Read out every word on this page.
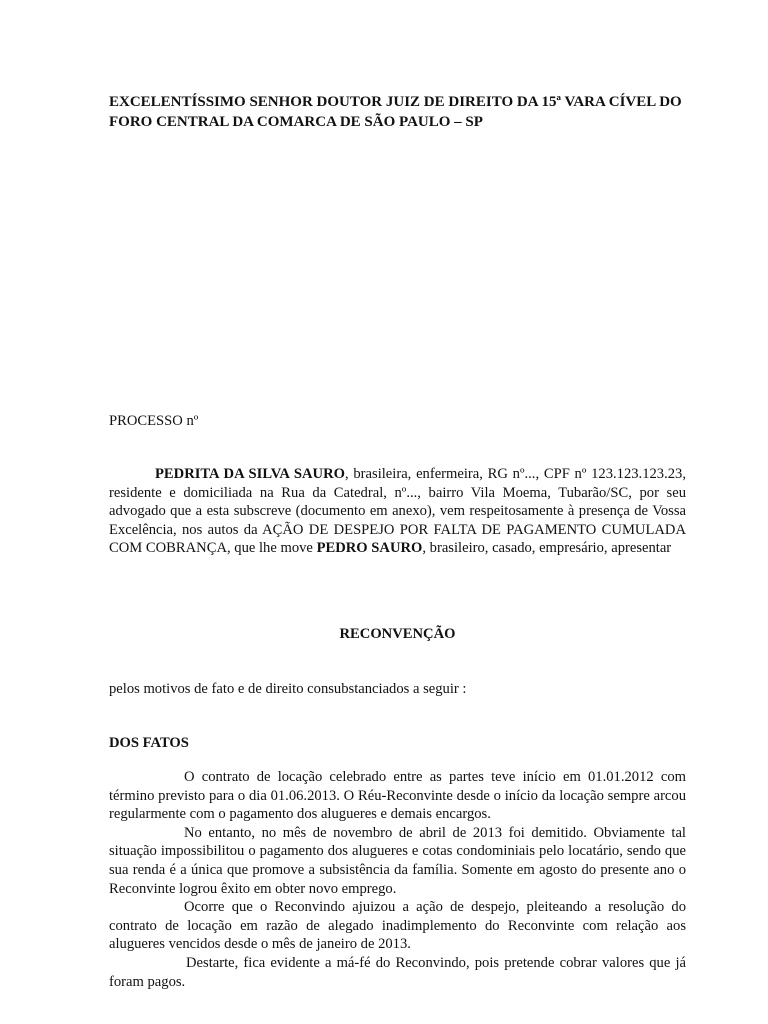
EXCELENTÍSSIMO SENHOR DOUTOR JUIZ DE DIREITO DA 15ª VARA CÍVEL DO FORO CENTRAL DA COMARCA DE SÃO PAULO – SP
PROCESSO nº
PEDRITA DA SILVA SAURO, brasileira, enfermeira, RG nº..., CPF nº 123.123.123.23, residente e domiciliada na Rua da Catedral, nº..., bairro Vila Moema, Tubarão/SC, por seu advogado que a esta subscreve (documento em anexo), vem respeitosamente à presença de Vossa Excelência, nos autos da AÇÃO DE DESPEJO POR FALTA DE PAGAMENTO CUMULADA COM COBRANÇA, que lhe move PEDRO SAURO, brasileiro, casado, empresário, apresentar
RECONVENÇÃO
pelos motivos de fato e de direito consubstanciados a seguir :
DOS FATOS

O contrato de locação celebrado entre as partes teve início em 01.01.2012 com término previsto para o dia 01.06.2013. O Réu-Reconvinte desde o início da locação sempre arcou regularmente com o pagamento dos alugueres e demais encargos.

No entanto, no mês de novembro de abril de 2013 foi demitido. Obviamente tal situação impossibilitou o pagamento dos alugueres e cotas condominiais pelo locatário, sendo que sua renda é a única que promove a subsistência da família. Somente em agosto do presente ano o Reconvinte logrou êxito em obter novo emprego.

Ocorre que o Reconvindo ajuizou a ação de despejo, pleiteando a resolução do contrato de locação em razão de alegado inadimplemento do Reconvinte com relação aos alugueres vencidos desde o mês de janeiro de 2013.

Destarte, fica evidente a má-fé do Reconvindo, pois pretende cobrar valores que já foram pagos.
